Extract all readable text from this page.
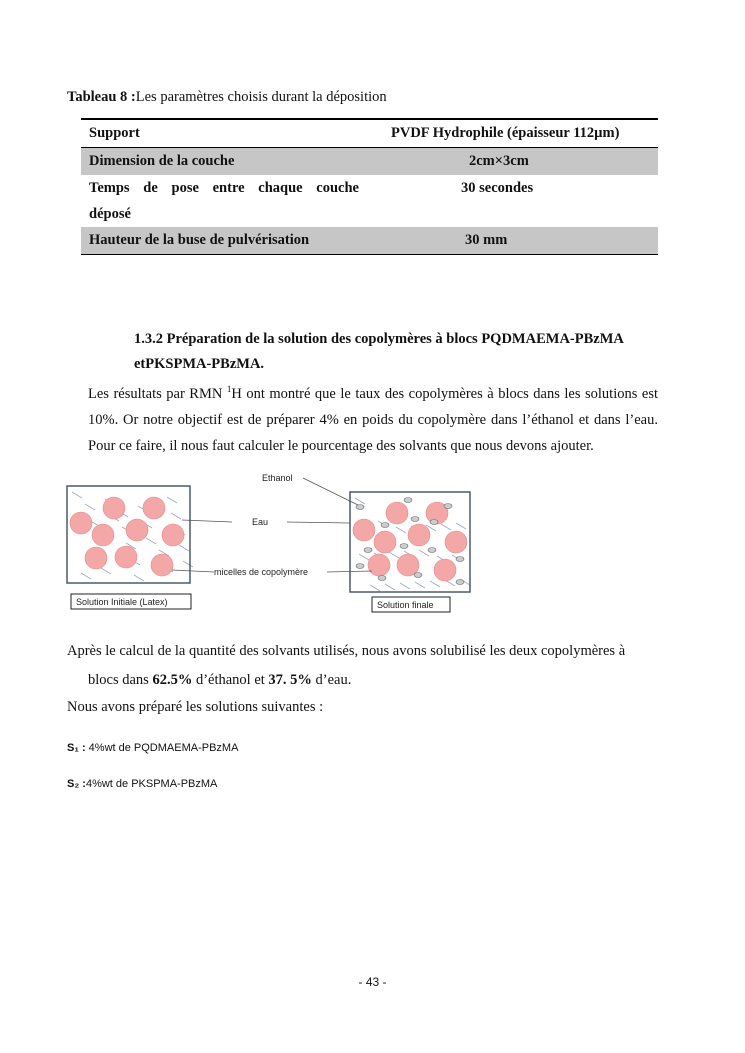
Tableau 8 :Les paramètres choisis durant la déposition
Support	PVDF Hydrophile (épaisseur 112µm)
Dimension de la couche	2cm×3cm

Temps de pose entre chaque couche
déposé	30 secondes
Hauteur de la buse de pulvérisation	30 mm
1.3.2 Préparation de la solution des copolymères à blocs PQDMAEMA-PBzMA
etPKSPMA-PBzMA.
Les résultats par RMN $^1$H ont montré que le taux des copolymères à blocs dans les solutions est 10%. Or notre objectif est de préparer 4% en poids du copolymère dans l’éthanol et dans l’eau. Pour ce faire, il nous faut calculer le pourcentage des solvants que nous devons ajouter.
Ethanol
Eau
micelles de copolymère
Solution Initiale (Latex)	Solution finale
Après le calcul de la quantité des solvants utilisés, nous avons solubilisé les deux copolymères à
blocs dans 62.5% d’éthanol et 37. 5% d’eau.
Nous avons préparé les solutions suivantes :
S₁ : 4%wt de PQDMAEMA-PBzMA
S₂ :4%wt de PKSPMA-PBzMA
- 43 -
